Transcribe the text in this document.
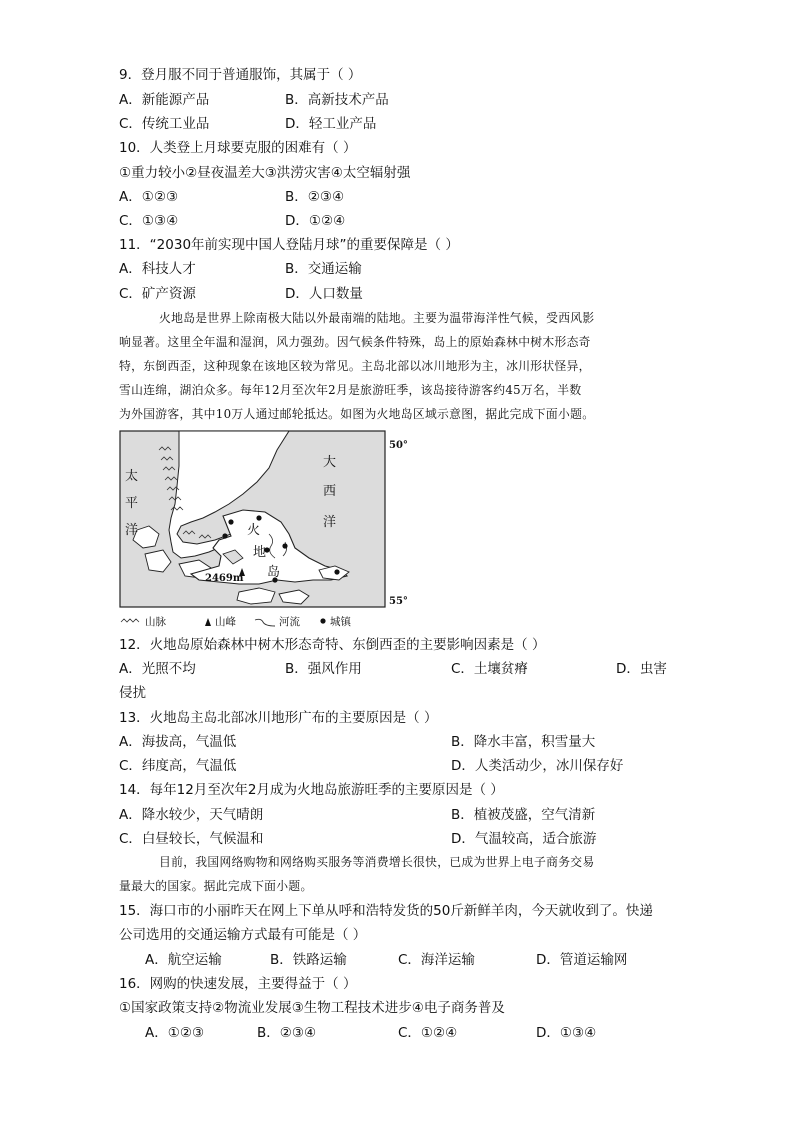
9．登月服不同于普通服饰，其属于（ ）
A．新能源产品	B．高新技术产品
C．传统工业品	D．轻工业产品
10．人类登上月球要克服的困难有（ ）
①重力较小②昼夜温差大③洪涝灾害④太空辐射强
A．①②③	B．②③④
C．①③④	D．①②④
11．“2030年前实现中国人登陆月球”的重要保障是（ ）
A．科技人才	B．交通运输
C．矿产资源	D．人口数量
火地岛是世界上除南极大陆以外最南端的陆地。主要为温带海洋性气候，受西风影
响显著。这里全年温和湿润，风力强劲。因气候条件特殊，岛上的原始森林中树木形态奇
特，东倒西歪，这种现象在该地区较为常见。主岛北部以冰川地形为主，冰川形状怪异，
雪山连绵，湖泊众多。每年12月至次年2月是旅游旺季，该岛接待游客约45万名，半数
为外国游客，其中10万人通过邮轮抵达。如图为火地岛区域示意图，据此完成下面小题。
2469m
太
平
洋
大
西
洋
火
地
岛
50°
55°
山脉	山峰	河流	城镇
12．火地岛原始森林中树木形态奇特、东倒西歪的主要影响因素是（ ）
A．光照不均	B．强风作用	C．土壤贫瘠	D．虫害
侵扰
13．火地岛主岛北部冰川地形广布的主要原因是（ ）
A．海拔高，气温低	B．降水丰富，积雪量大
C．纬度高，气温低	D．人类活动少，冰川保存好
14．每年12月至次年2月成为火地岛旅游旺季的主要原因是（ ）
A．降水较少，天气晴朗	B．植被茂盛，空气清新
C．白昼较长，气候温和	D．气温较高，适合旅游
目前，我国网络购物和网络购买服务等消费增长很快，已成为世界上电子商务交易
量最大的国家。据此完成下面小题。
15．海口市的小丽昨天在网上下单从呼和浩特发货的50斤新鲜羊肉，今天就收到了。快递
公司选用的交通运输方式最有可能是（ ）
A．航空运输	B．铁路运输	C．海洋运输	D．管道运输网
16．网购的快速发展，主要得益于（ ）
①国家政策支持②物流业发展③生物工程技术进步④电子商务普及
A．①②③	B．②③④	C．①②④	D．①③④
